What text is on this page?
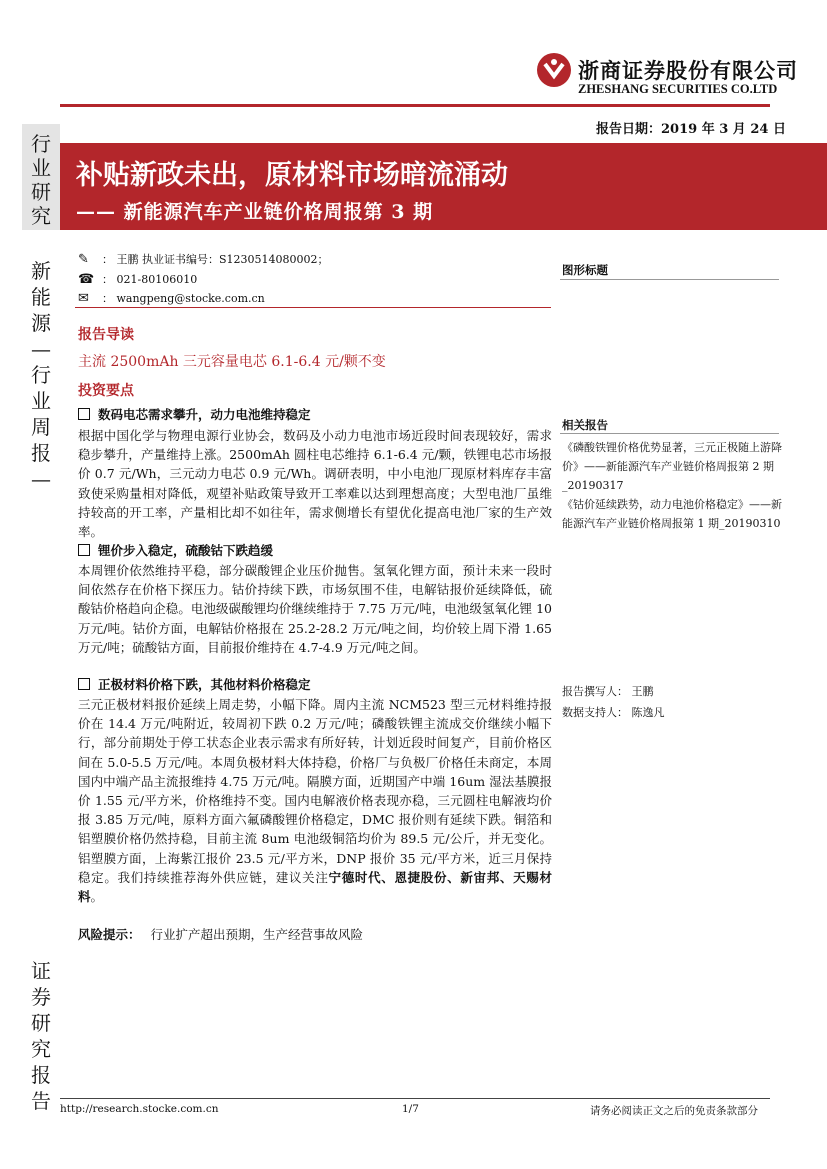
浙商证券股份有限公司
ZHESHANG SECURITIES CO.LTD
报告日期：2019 年 3 月 24 日
行
业
研
究
新
能
源
—
行
业
周
报
—
证
券
研
究
报
告
补贴新政未出，原材料市场暗流涌动
—— 新能源汽车产业链价格周报第 3 期
✎ ： 王鹏 执业证书编号：S1230514080002；
☎ ： 021-80106010
✉ ： wangpeng@stocke.com.cn
报告导读
主流 2500mAh 三元容量电芯 6.1-6.4 元/颗不变
投资要点
数码电芯需求攀升，动力电池维持稳定
根据中国化学与物理电源行业协会，数码及小动力电池市场近段时间表现较好，需求稳步攀升，产量维持上涨。2500mAh 圆柱电芯维持 6.1-6.4 元/颗，铁锂电芯市场报价 0.7 元/Wh，三元动力电芯 0.9 元/Wh。调研表明，中小电池厂现原材料库存丰富致使采购量相对降低，观望补贴政策导致开工率难以达到理想高度；大型电池厂虽维持较高的开工率，产量相比却不如往年，需求侧增长有望优化提高电池厂家的生产效率。
锂价步入稳定，硫酸钴下跌趋缓
本周锂价依然维持平稳，部分碳酸锂企业压价抛售。氢氧化锂方面，预计未来一段时间依然存在价格下探压力。钴价持续下跌，市场氛围不佳，电解钴报价延续降低，硫酸钴价格趋向企稳。电池级碳酸锂均价继续维持于 7.75 万元/吨，电池级氢氧化锂 10 万元/吨。钴价方面，电解钴价格报在 25.2-28.2 万元/吨之间，均价较上周下滑 1.65 万元/吨；硫酸钴方面，目前报价维持在 4.7-4.9 万元/吨之间。
正极材料价格下跌，其他材料价格稳定
三元正极材料报价延续上周走势，小幅下降。周内主流 NCM523 型三元材料维持报价在 14.4 万元/吨附近，较周初下跌 0.2 万元/吨；磷酸铁锂主流成交价继续小幅下行，部分前期处于停工状态企业表示需求有所好转，计划近段时间复产，目前价格区间在 5.0-5.5 万元/吨。本周负极材料大体持稳，价格厂与负极厂价格任未商定，本周国内中端产品主流报维持 4.75 万元/吨。隔膜方面，近期国产中端 16um 湿法基膜报价 1.55 元/平方米，价格维持不变。国内电解液价格表现亦稳，三元圆柱电解液均价报 3.85 万元/吨，原料方面六氟磷酸锂价格稳定，DMC 报价则有延续下跌。铜箔和铝塑膜价格仍然持稳，目前主流 8um 电池级铜箔均价为 89.5 元/公斤，并无变化。铝塑膜方面，上海紫江报价 23.5 元/平方米，DNP 报价 35 元/平方米，近三月保持稳定。我们持续推荐海外供应链，建议关注宁德时代、恩捷股份、新宙邦、天赐材料。
风险提示： 行业扩产超出预期，生产经营事故风险
图形标题
相关报告
《磷酸铁锂价格优势显著，三元正极随上游降价》——新能源汽车产业链价格周报第 2 期_20190317
《钴价延续跌势，动力电池价格稳定》——新能源汽车产业链价格周报第 1 期_20190310
报告撰写人： 王鹏
数据支持人： 陈逸凡
http://research.stocke.com.cn	1/7	请务必阅读正文之后的免责条款部分
